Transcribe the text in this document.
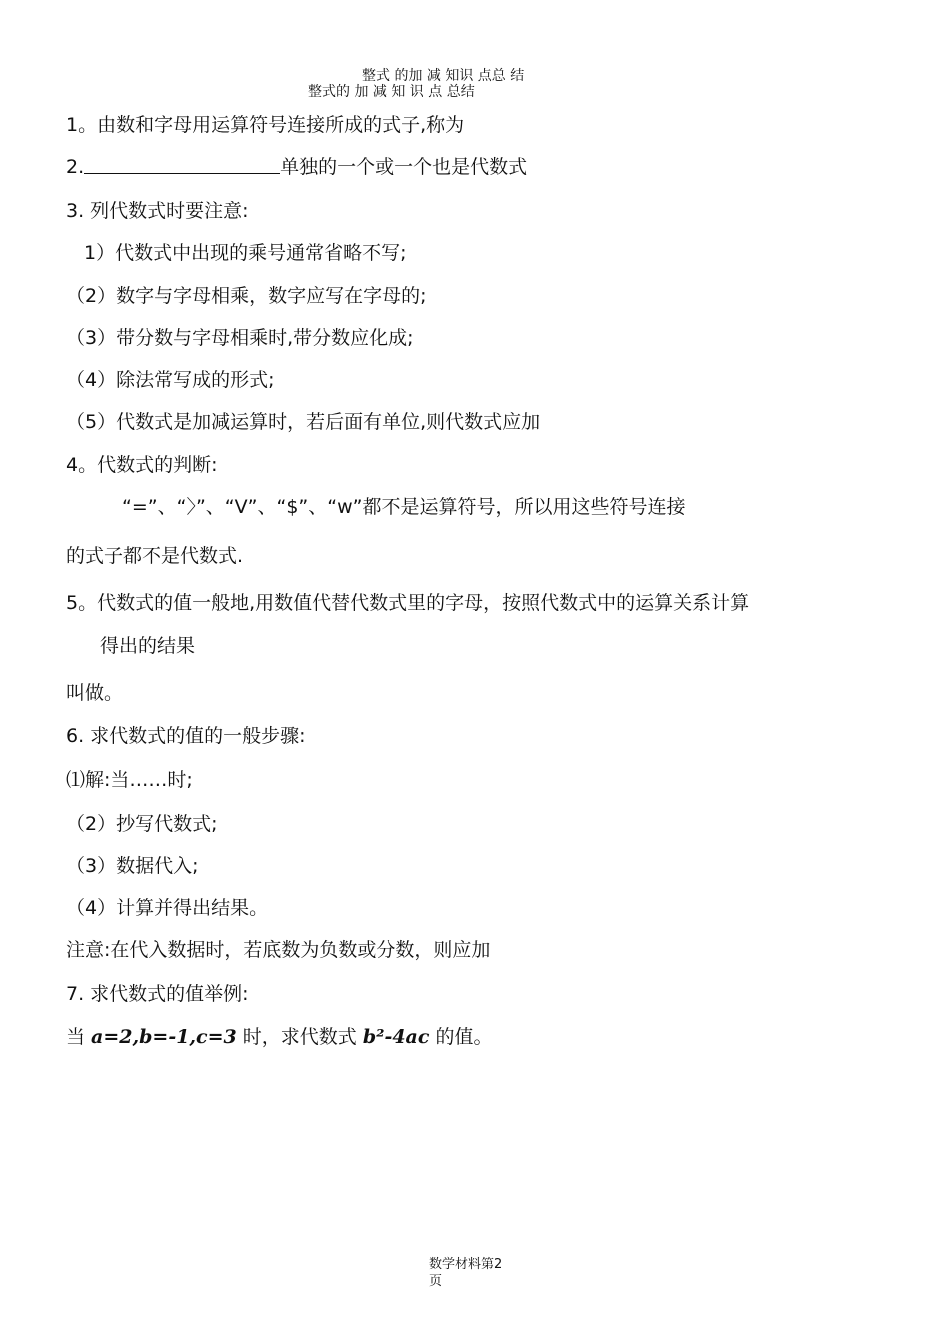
整式 的加 减 知识 点总 结
整式的 加 减 知 识 点 总结
1。由数和字母用运算符号连接所成的式子,称为
2.	单独的一个或一个也是代数式
3. 列代数式时要注意:
1）代数式中出现的乘号通常省略不写;
（2）数字与字母相乘，数字应写在字母的;
（3）带分数与字母相乘时,带分数应化成;
（4）除法常写成的形式;
（5）代数式是加减运算时，若后面有单位,则代数式应加
4。代数式的判断:
“=”、“〉”、“V”、“$”、“w”都不是运算符号，所以用这些符号连接
的式子都不是代数式.
5。代数式的值一般地,用数值代替代数式里的字母，按照代数式中的运算关系计算
得出的结果
叫做。
6. 求代数式的值的一般步骤:
⑴解:当……时;
（2）抄写代数式;
（3）数据代入;
（4）计算并得出结果。
注意:在代入数据时，若底数为负数或分数，则应加
7. 求代数式的值举例:
当 a=2,b=-1,c=3 时，求代数式 b²-4ac 的值。
数学材料第2
页
